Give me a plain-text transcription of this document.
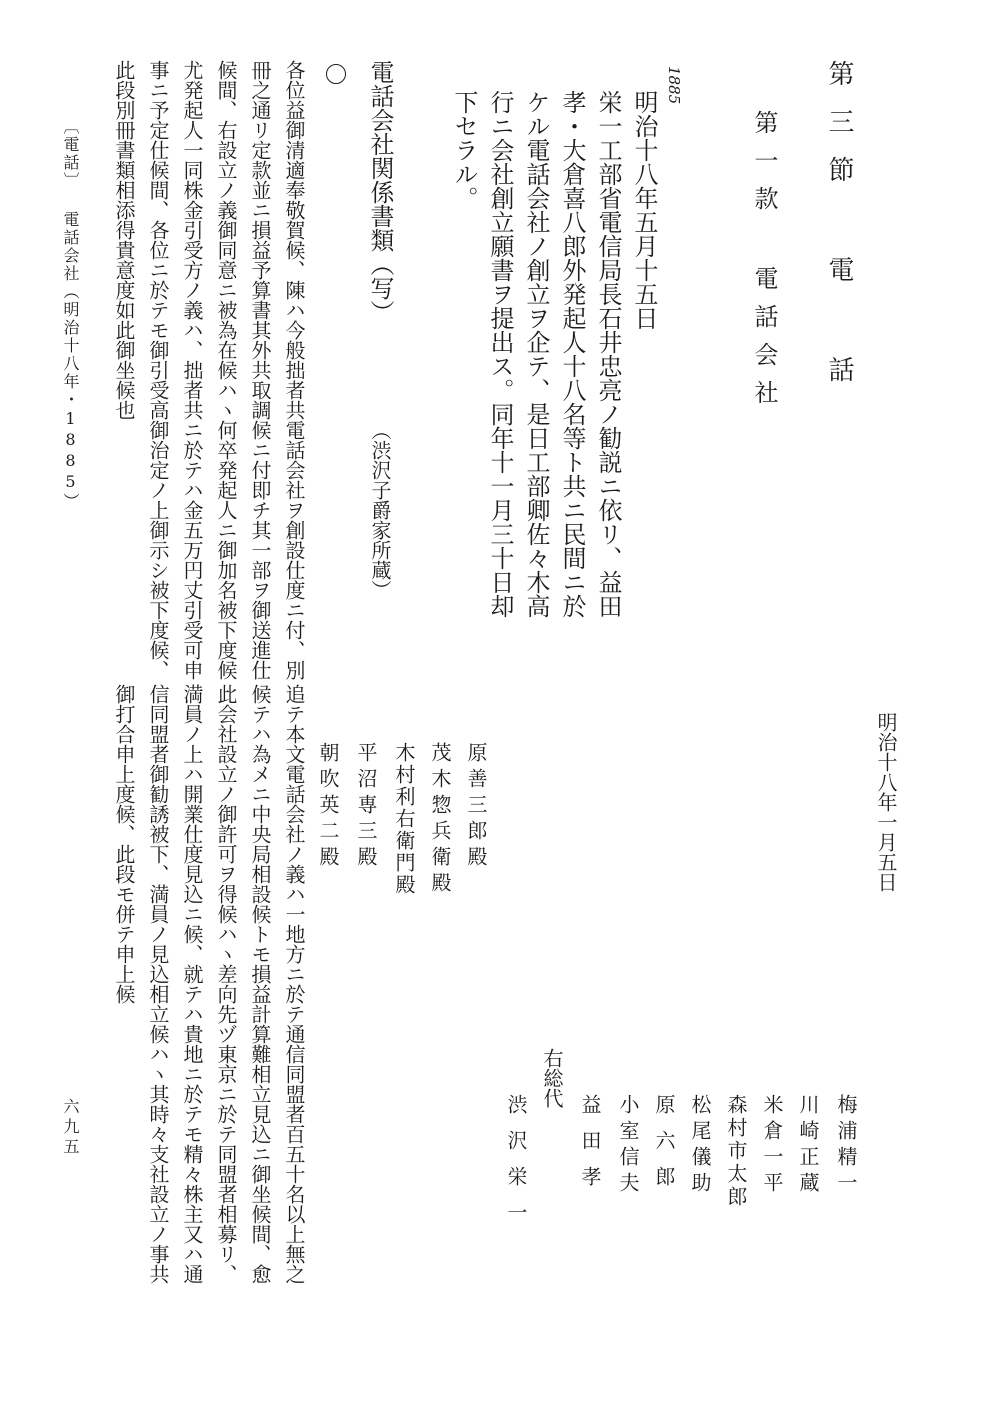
第三節 電 話
第一款 電話会社
1885
明治十八年五月十五日
栄一工部省電信局長石井忠亮ノ勧説ニ依リ、益田
孝・大倉喜八郎外発起人十八名等ト共ニ民間ニ於
ケル電話会社ノ創立ヲ企テ、是日工部卿佐々木高
行ニ会社創立願書ヲ提出ス。同年十一月三十日却
下セラル。
電話会社関係書類（写）
（渋沢子爵家所蔵）
各位益御清適奉敬賀候、陳ハ今般拙者共電話会社ヲ創設仕度ニ付、別
冊之通リ定款並ニ損益予算書其外共取調候ニ付即チ其一部ヲ御送進仕
候間、右設立ノ義御同意ニ被為在候ハヽ何卒発起人ニ御加名被下度候
尤発起人一同株金引受方ノ義ハ、拙者共ニ於テハ金五万円丈引受可申
事ニ予定仕候間、各位ニ於テモ御引受高御治定ノ上御示シ被下度候、
此段別冊書類相添得貴意度如此御坐候也
〔電話〕 電話会社（明治十八年・1885）
明治十八年一月五日
梅浦精一
川崎正蔵
米倉一平
森村市太郎
松尾儀助
原六郎
小室信夫
益田孝
右総代
渋沢栄一
原善三郎殿
茂木惣兵衛殿
木村利右衛門殿
平沼専三殿
朝吹英二殿
追テ本文電話会社ノ義ハ一地方ニ於テ通信同盟者百五十名以上無之
候テハ為メニ中央局相設候トモ損益計算難相立見込ニ御坐候間、愈
此会社設立ノ御許可ヲ得候ハヽ差向先ヅ東京ニ於テ同盟者相募リ、
満員ノ上ハ開業仕度見込ニ候、就テハ貴地ニ於テモ精々株主又ハ通
信同盟者御勧誘被下、満員ノ見込相立候ハヽ其時々支社設立ノ事共
御打合申上度候、此段モ併テ申上候
六九五
